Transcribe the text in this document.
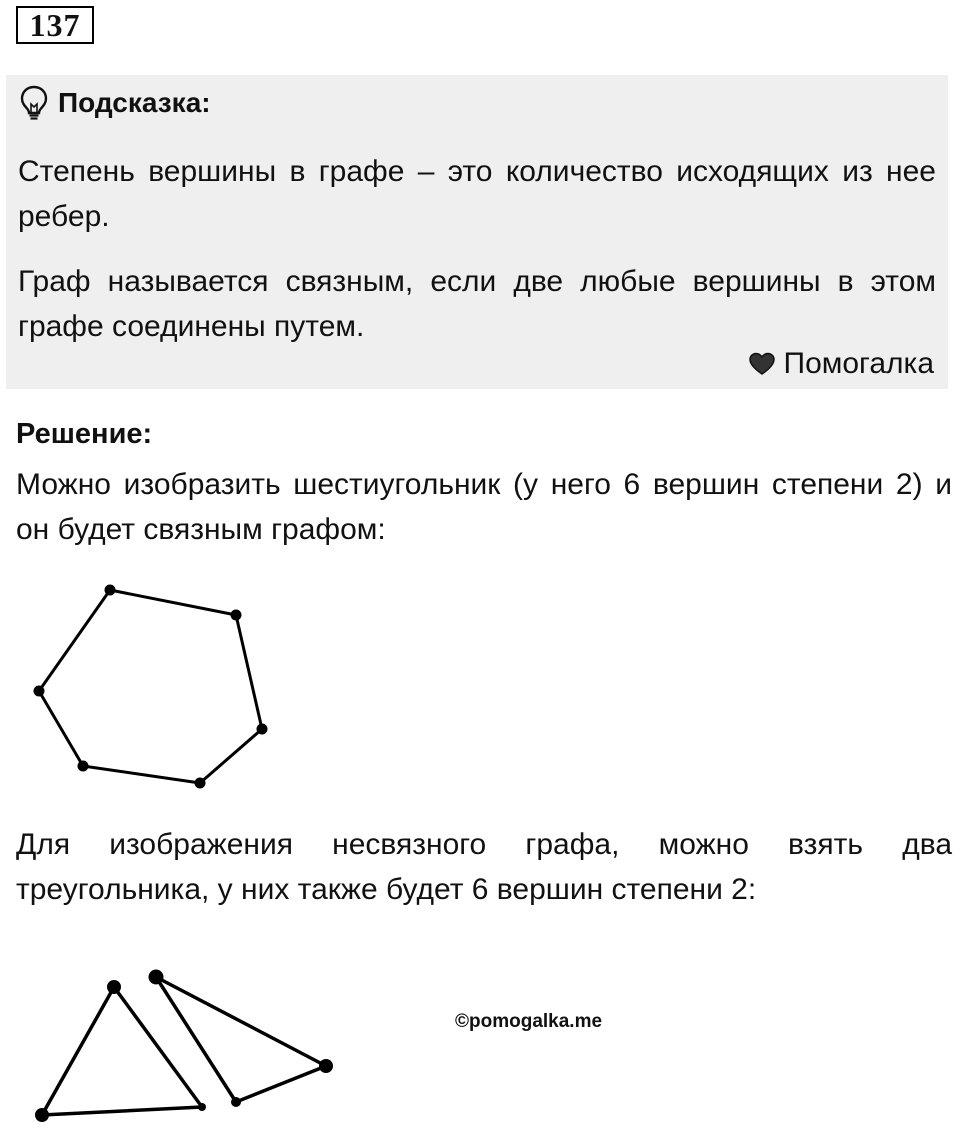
137
Подсказка:

Степень вершины в графе – это количество исходящих из нее ребер.

Граф называется связным, если две любые вершины в этом графе соединены путем.

Помогалка
Решение:

Можно изобразить шестиугольник (у него 6 вершин степени 2) и он будет связным графом:

Для изображения несвязного графа, можно взять два треугольника, у них также будет 6 вершин степени 2:

©pomogalka.me
